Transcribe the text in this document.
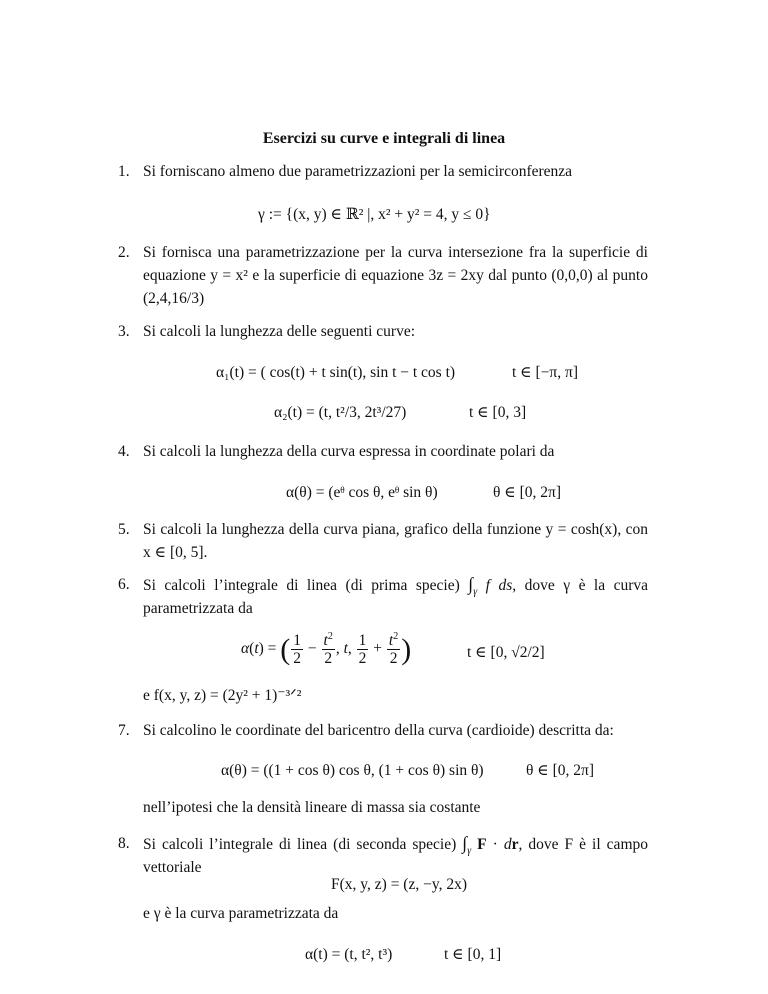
Esercizi su curve e integrali di linea
1. Si forniscano almeno due parametrizzazioni per la semicirconferenza
γ := {(x, y) ∈ ℝ² |, x² + y² = 4, y ≤ 0}
2. Si fornisca una parametrizzazione per la curva intersezione fra la superficie di equazione y = x² e la superficie di equazione 3z = 2xy dal punto (0,0,0) al punto (2,4,16/3)
3. Si calcoli la lunghezza delle seguenti curve:
α₁(t) = ( cos(t) + t sin(t), sin t − t cos t)	t ∈ [−π, π]
α₂(t) = (t, t²/3, 2t³/27)	t ∈ [0, 3]
4. Si calcoli la lunghezza della curva espressa in coordinate polari da
α(θ) = (eᶿ cos θ, eᶿ sin θ)	θ ∈ [0, 2π]
5. Si calcoli la lunghezza della curva piana, grafico della funzione y = cosh(x), con x ∈ [0, 5].
6. Si calcoli l’integrale di linea (di prima specie) $\int_\gamma$ f ds, dove γ è la curva parametrizzata da
α(t) = ( $\frac{1}{2} - \frac{t^2}{2}$ , t, $\frac{1}{2} + \frac{t^2}{2}$ )	t ∈ [0, √2/2]
e f(x, y, z) = (2y² + 1)⁻³ᐟ²
7. Si calcolino le coordinate del baricentro della curva (cardioide) descritta da:
α(θ) = ((1 + cos θ) cos θ, (1 + cos θ) sin θ)	θ ∈ [0, 2π]
nell’ipotesi che la densità lineare di massa sia costante
8. Si calcoli l’integrale di linea (di seconda specie) $\int_\gamma$ F · dr, dove F è il campo vettoriale
F(x, y, z) = (z, −y, 2x)
e γ è la curva parametrizzata da
α(t) = (t, t², t³)	t ∈ [0, 1]
